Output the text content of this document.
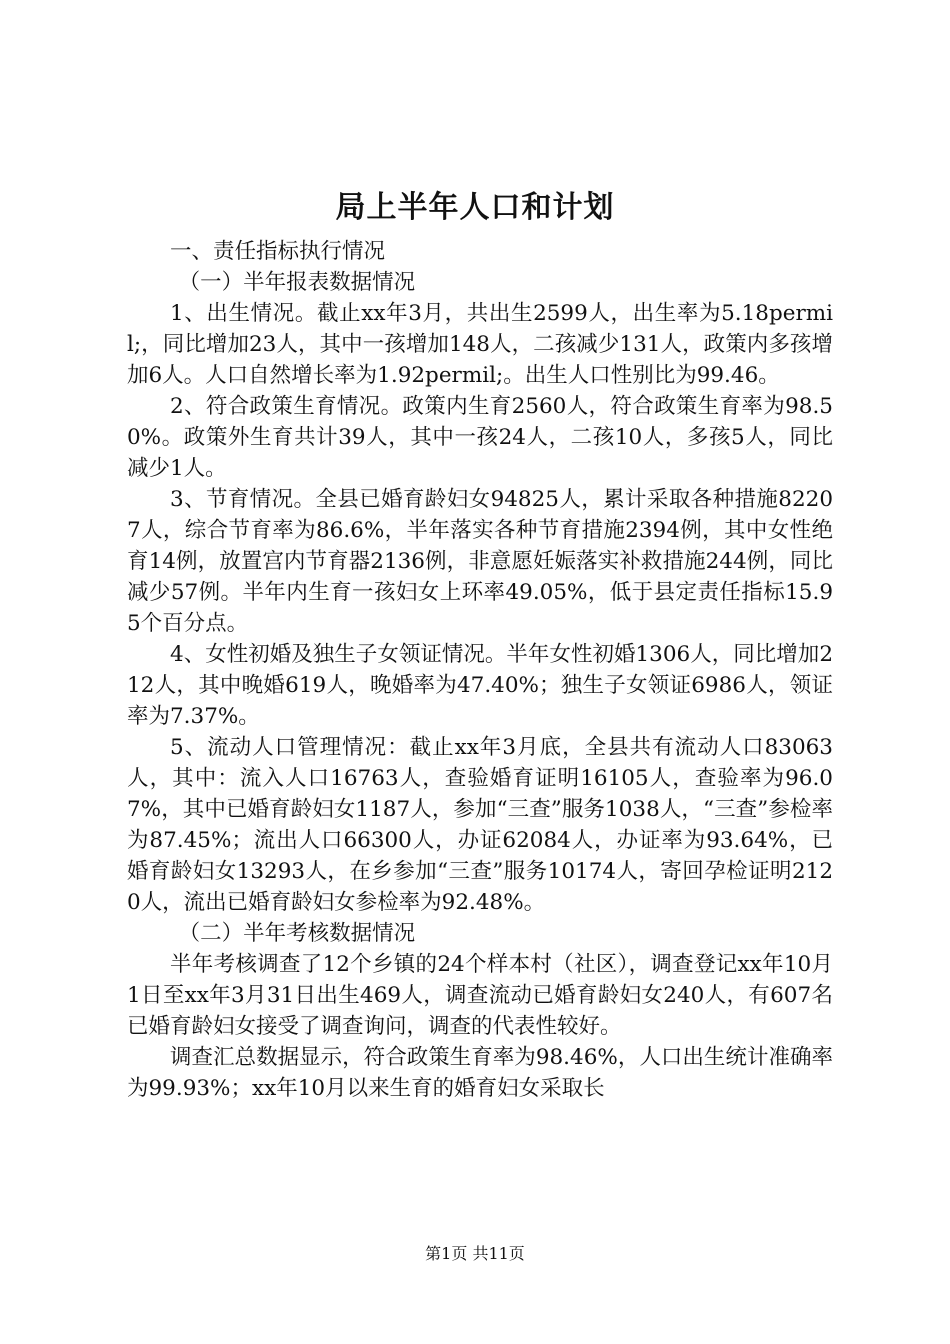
局上半年人口和计划

一、责任指标执行情况

（一）半年报表数据情况

1、出生情况。截止xx年3月，共出生2599人，出生率为5.18permil;，同比增加23人，其中一孩增加148人，二孩减少131人，政策内多孩增加6人。人口自然增长率为1.92permil;。出生人口性别比为99.46。

2、符合政策生育情况。政策内生育2560人，符合政策生育率为98.50%。政策外生育共计39人，其中一孩24人，二孩10人，多孩5人，同比减少1人。

3、节育情况。全县已婚育龄妇女94825人，累计采取各种措施82207人，综合节育率为86.6%，半年落实各种节育措施2394例，其中女性绝育14例，放置宫内节育器2136例，非意愿妊娠落实补救措施244例，同比减少57例。半年内生育一孩妇女上环率49.05%，低于县定责任指标15.95个百分点。

4、女性初婚及独生子女领证情况。半年女性初婚1306人，同比增加212人，其中晚婚619人，晚婚率为47.40%；独生子女领证6986人，领证率为7.37%。

5、流动人口管理情况：截止xx年3月底，全县共有流动人口83063人，其中：流入人口16763人，查验婚育证明16105人，查验率为96.07%，其中已婚育龄妇女1187人，参加“三查”服务1038人，“三查”参检率为87.45%；流出人口66300人，办证62084人，办证率为93.64%，已婚育龄妇女13293人，在乡参加“三查”服务10174人，寄回孕检证明2120人，流出已婚育龄妇女参检率为92.48%。

（二）半年考核数据情况

半年考核调查了12个乡镇的24个样本村（社区），调查登记xx年10月1日至xx年3月31日出生469人，调查流动已婚育龄妇女240人，有607名已婚育龄妇女接受了调查询问，调查的代表性较好。

调查汇总数据显示，符合政策生育率为98.46%，人口出生统计准确率为99.93%；xx年10月以来生育的婚育妇女采取长

第1页 共11页
